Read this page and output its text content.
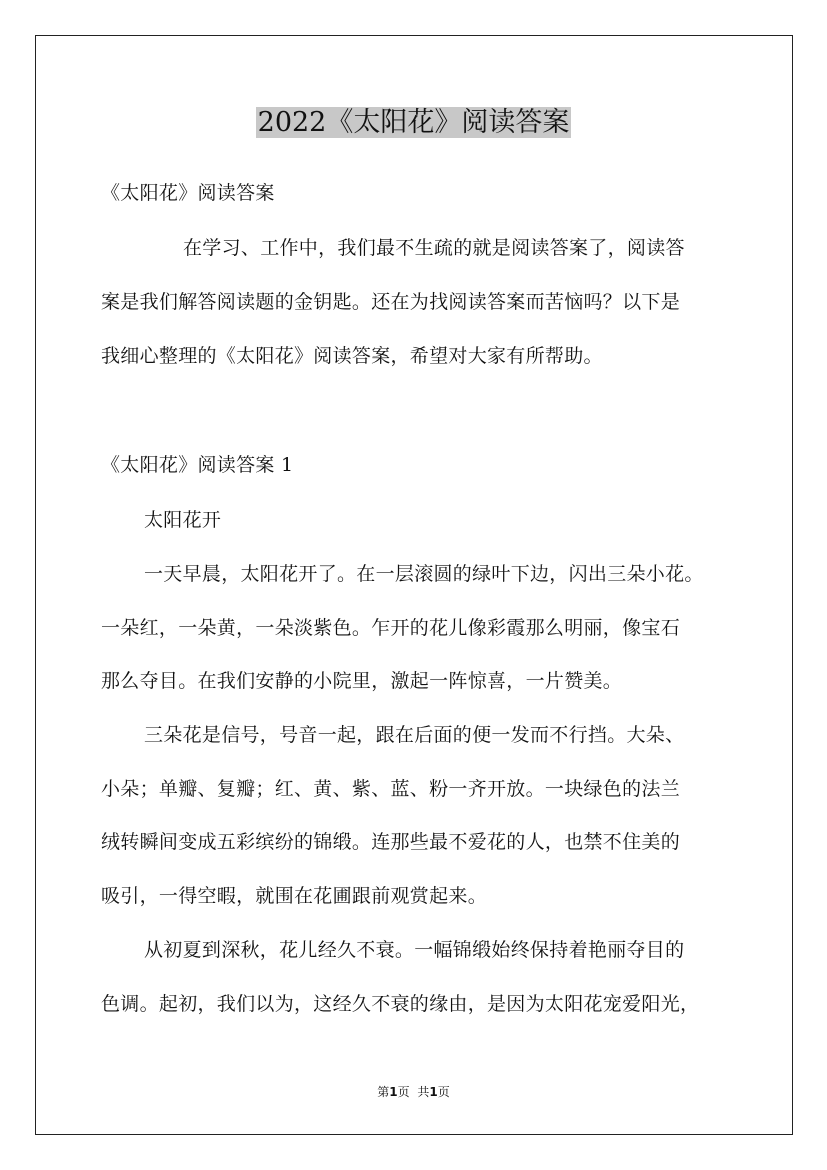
2022《太阳花》阅读答案
《太阳花》阅读答案
在学习、工作中，我们最不生疏的就是阅读答案了，阅读答
案是我们解答阅读题的金钥匙。还在为找阅读答案而苦恼吗？以下是
我细心整理的《太阳花》阅读答案，希望对大家有所帮助。
《太阳花》阅读答案 1
太阳花开
一天早晨，太阳花开了。在一层滚圆的绿叶下边，闪出三朵小花。
一朵红，一朵黄，一朵淡紫色。乍开的花儿像彩霞那么明丽，像宝石
那么夺目。在我们安静的小院里，激起一阵惊喜，一片赞美。
三朵花是信号，号音一起，跟在后面的便一发而不行挡。大朵、
小朵；单瓣、复瓣；红、黄、紫、蓝、粉一齐开放。一块绿色的法兰
绒转瞬间变成五彩缤纷的锦缎。连那些最不爱花的人，也禁不住美的
吸引，一得空暇，就围在花圃跟前观赏起来。
从初夏到深秋，花儿经久不衰。一幅锦缎始终保持着艳丽夺目的
色调。起初，我们以为，这经久不衰的缘由，是因为太阳花宠爱阳光，
第1页 共1页
